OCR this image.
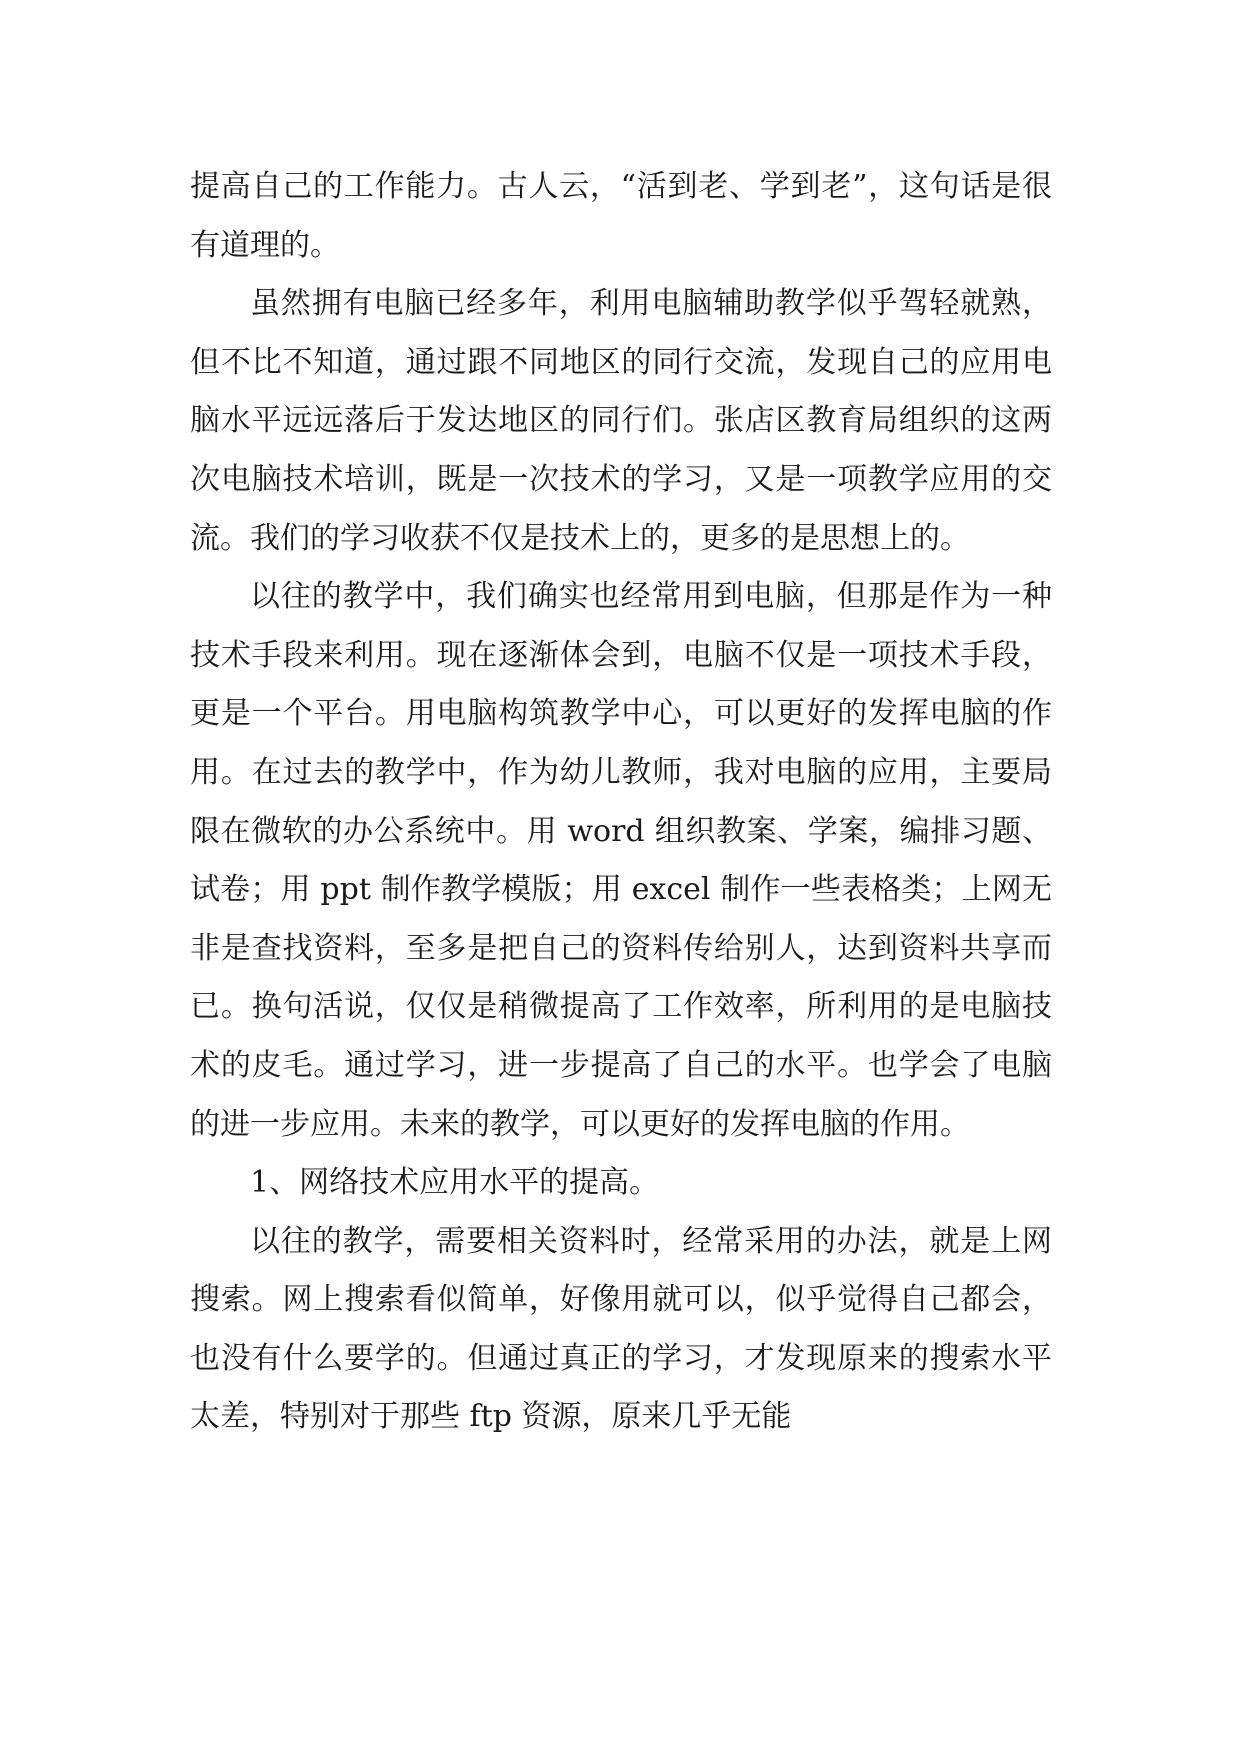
提高自己的工作能力。古人云，“活到老、学到老”，这句话是很有道理的。

虽然拥有电脑已经多年，利用电脑辅助教学似乎驾轻就熟，但不比不知道，通过跟不同地区的同行交流，发现自己的应用电脑水平远远落后于发达地区的同行们。张店区教育局组织的这两次电脑技术培训，既是一次技术的学习，又是一项教学应用的交流。我们的学习收获不仅是技术上的，更多的是思想上的。

以往的教学中，我们确实也经常用到电脑，但那是作为一种技术手段来利用。现在逐渐体会到，电脑不仅是一项技术手段，更是一个平台。用电脑构筑教学中心，可以更好的发挥电脑的作用。在过去的教学中，作为幼儿教师，我对电脑的应用，主要局限在微软的办公系统中。用 word 组织教案、学案，编排习题、试卷；用 ppt 制作教学模版；用 excel 制作一些表格类；上网无非是查找资料，至多是把自己的资料传给别人，达到资料共享而已。换句活说，仅仅是稍微提高了工作效率，所利用的是电脑技术的皮毛。通过学习，进一步提高了自己的水平。也学会了电脑的进一步应用。未来的教学，可以更好的发挥电脑的作用。

1、网络技术应用水平的提高。

以往的教学，需要相关资料时，经常采用的办法，就是上网搜索。网上搜索看似简单，好像用就可以，似乎觉得自己都会，也没有什么要学的。但通过真正的学习，才发现原来的搜索水平太差，特别对于那些 ftp 资源，原来几乎无能
